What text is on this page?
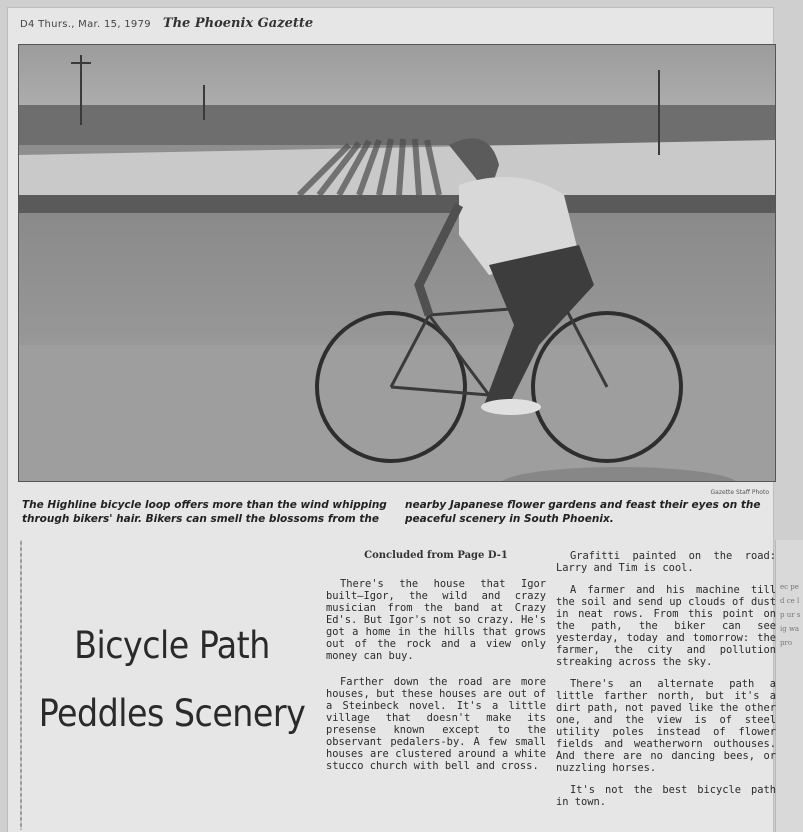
ec ped ce lp ur sig wa pro
D4 Thurs., Mar. 15, 1979 The Phoenix Gazette
Gazette Staff Photo

The Highline bicycle loop offers more than the wind whipping through bikers' hair. Bikers can smell the blossoms from the

nearby Japanese flower gardens and feast their eyes on the peaceful scenery in South Phoenix.

Bicycle Path
Peddles Scenery
Concluded from Page D-1

There's the house that Igor built—Igor, the wild and crazy musician from the band at Crazy Ed's. But Igor's not so crazy. He's got a home in the hills that grows out of the rock and a view only money can buy.

Farther down the road are more houses, but these houses are out of a Steinbeck novel. It's a little village that doesn't make its presense known except to the observant pedalers-by. A few small houses are clustered around a white stucco church with bell and cross.

Grafitti painted on the road: Larry and Tim is cool.

A farmer and his machine till the soil and send up clouds of dust in neat rows. From this point on the path, the biker can see yesterday, today and tomorrow: the farmer, the city and pollution streaking across the sky.

There's an alternate path a little farther north, but it's a dirt path, not paved like the other one, and the view is of steel utility poles instead of flower fields and weatherworn outhouses. And there are no dancing bees, or nuzzling horses.

It's not the best bicycle path in town.
